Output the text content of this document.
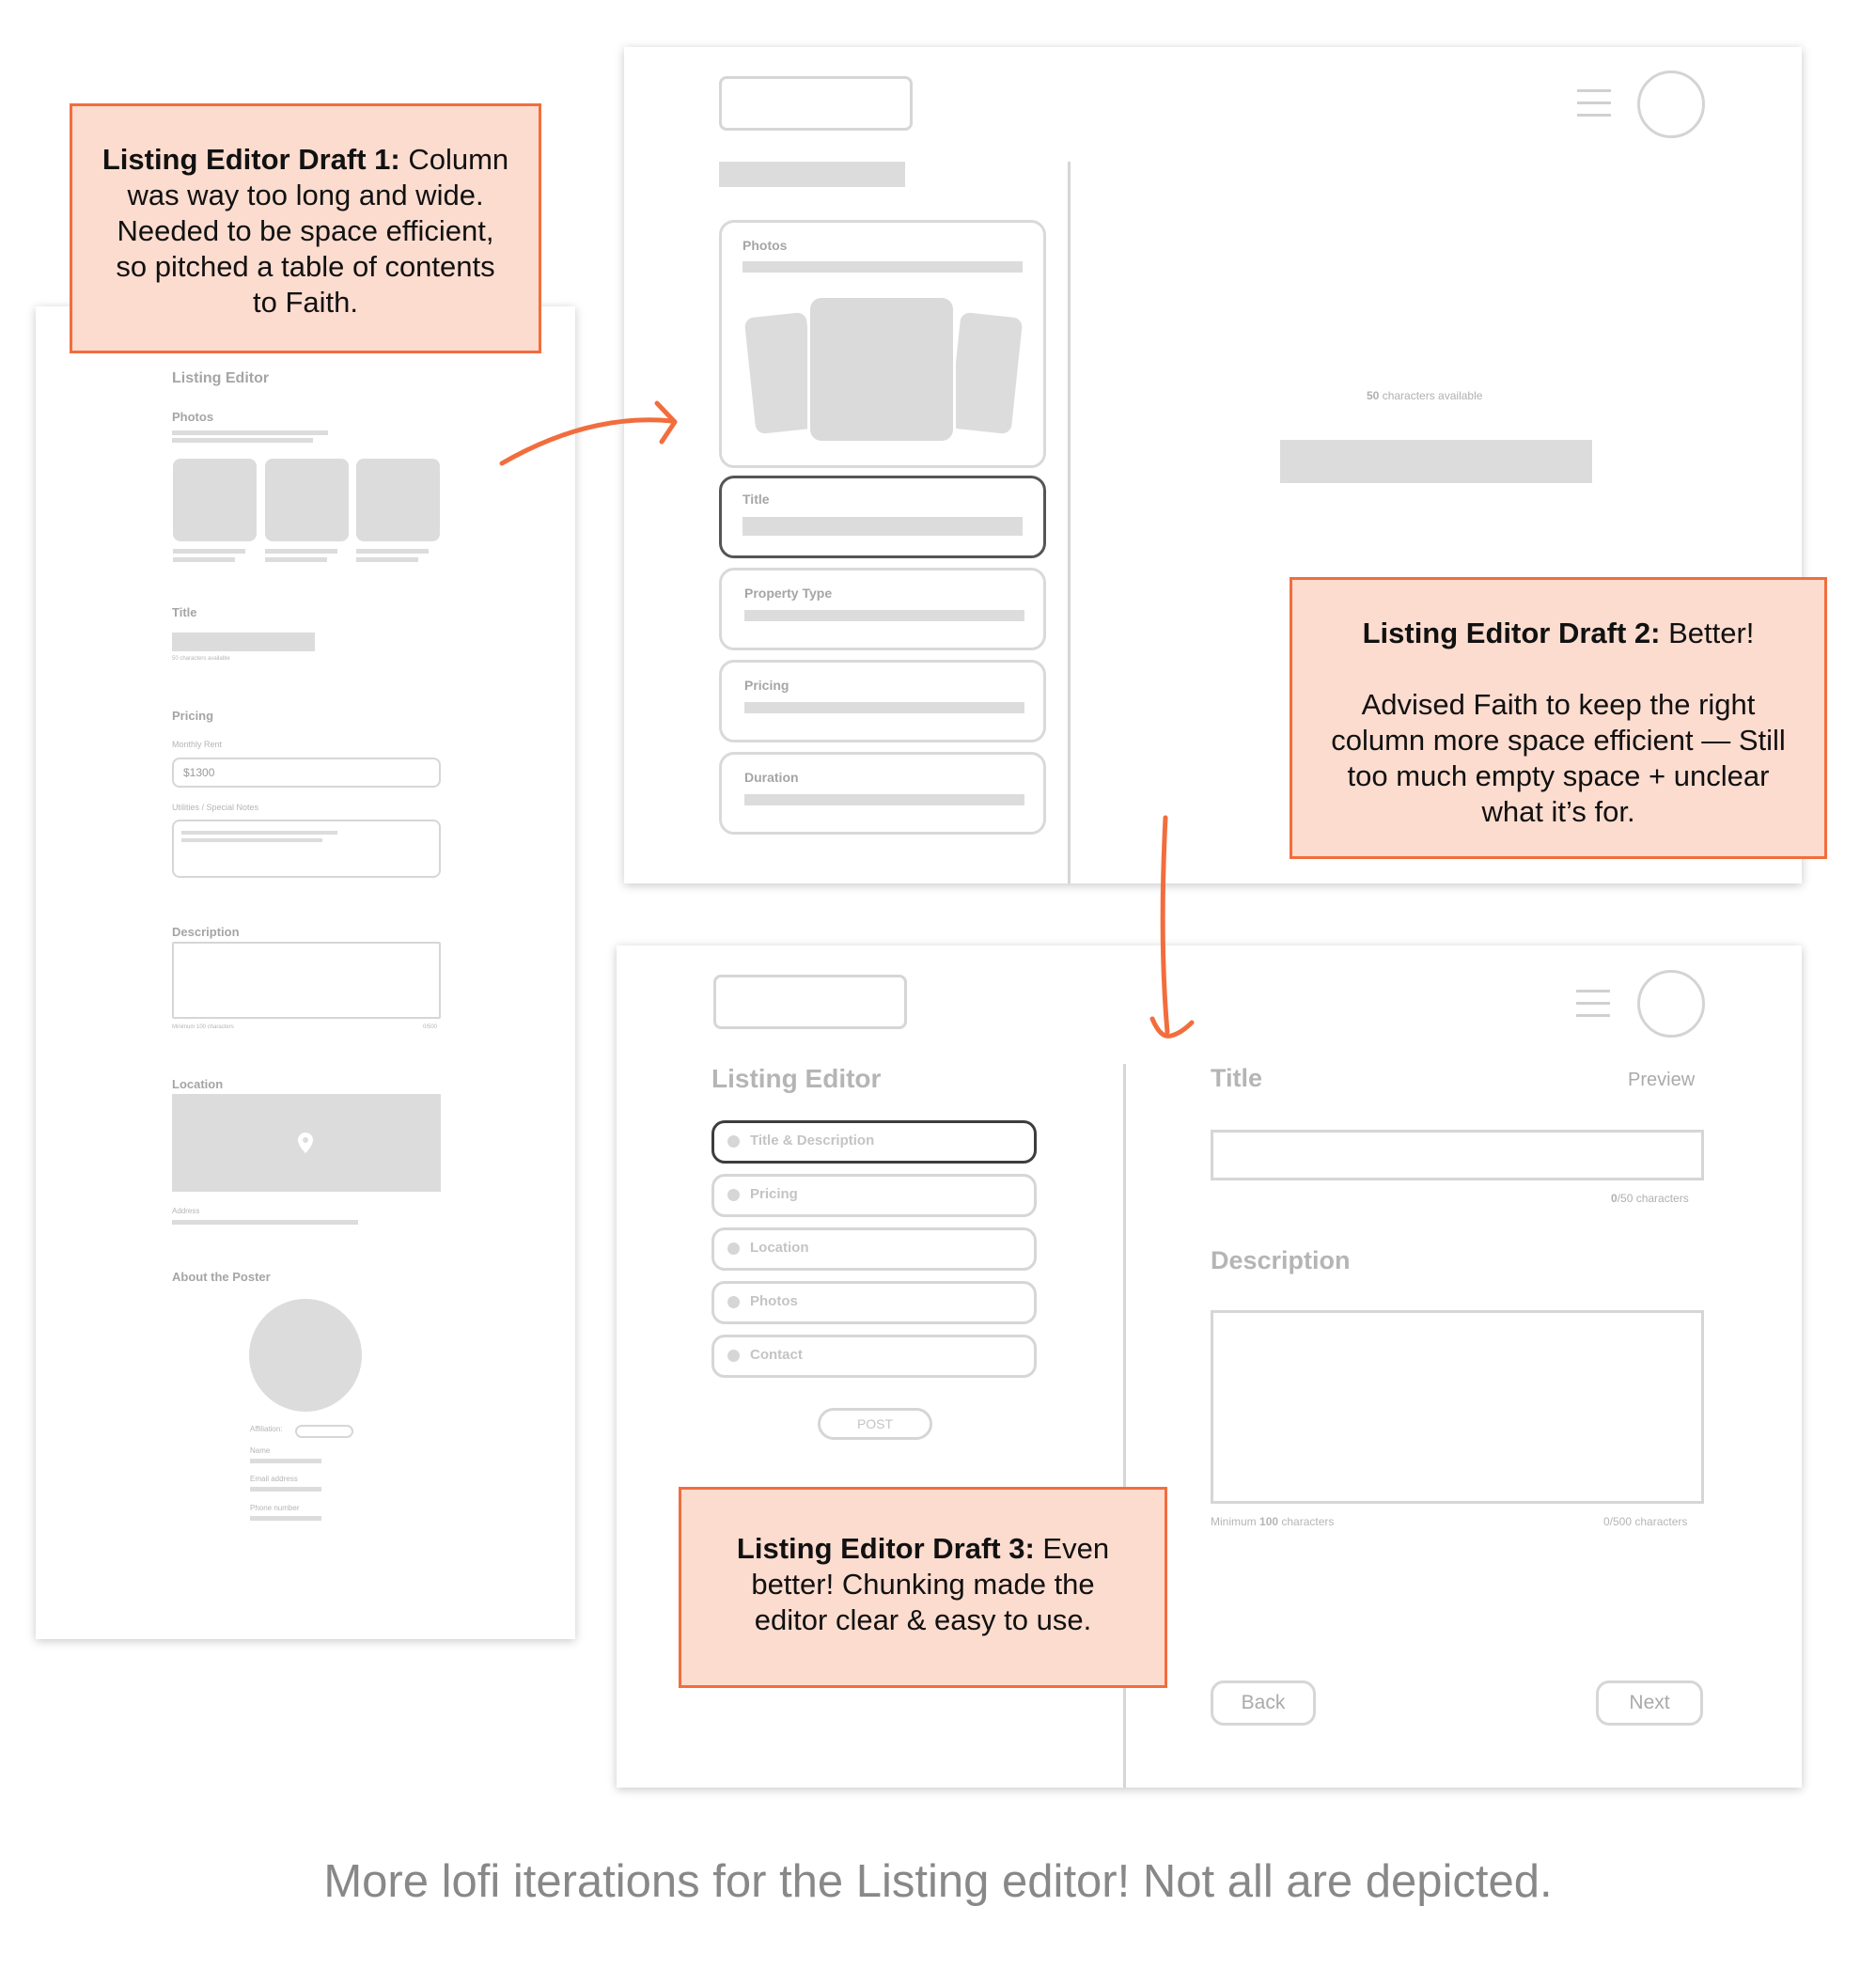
Listing Editor
Photos
Title
50 characters available
Pricing
Monthly Rent
$1300
Utilities / Special Notes
Description
Minimum 100 characters	0/500
Location
Address
About the Poster
Affiliation:
Name
Email address
Phone number
Photos
Title
Property Type
Pricing
Duration
50 characters available
Listing Editor
Title & Description
Pricing
Location
Photos
Contact
POST
Title	Preview
0/50 characters
Description
Minimum 100 characters	0/500 characters
Back	Next
Listing Editor Draft 1: Column was way too long and wide. Needed to be space efficient, so pitched a table of contents to Faith.
Listing Editor Draft 2: Better!
Advised Faith to keep the right column more space efficient — Still too much empty space + unclear what it’s for.
Listing Editor Draft 3: Even better! Chunking made the editor clear & easy to use.
More lofi iterations for the Listing editor! Not all are depicted.
